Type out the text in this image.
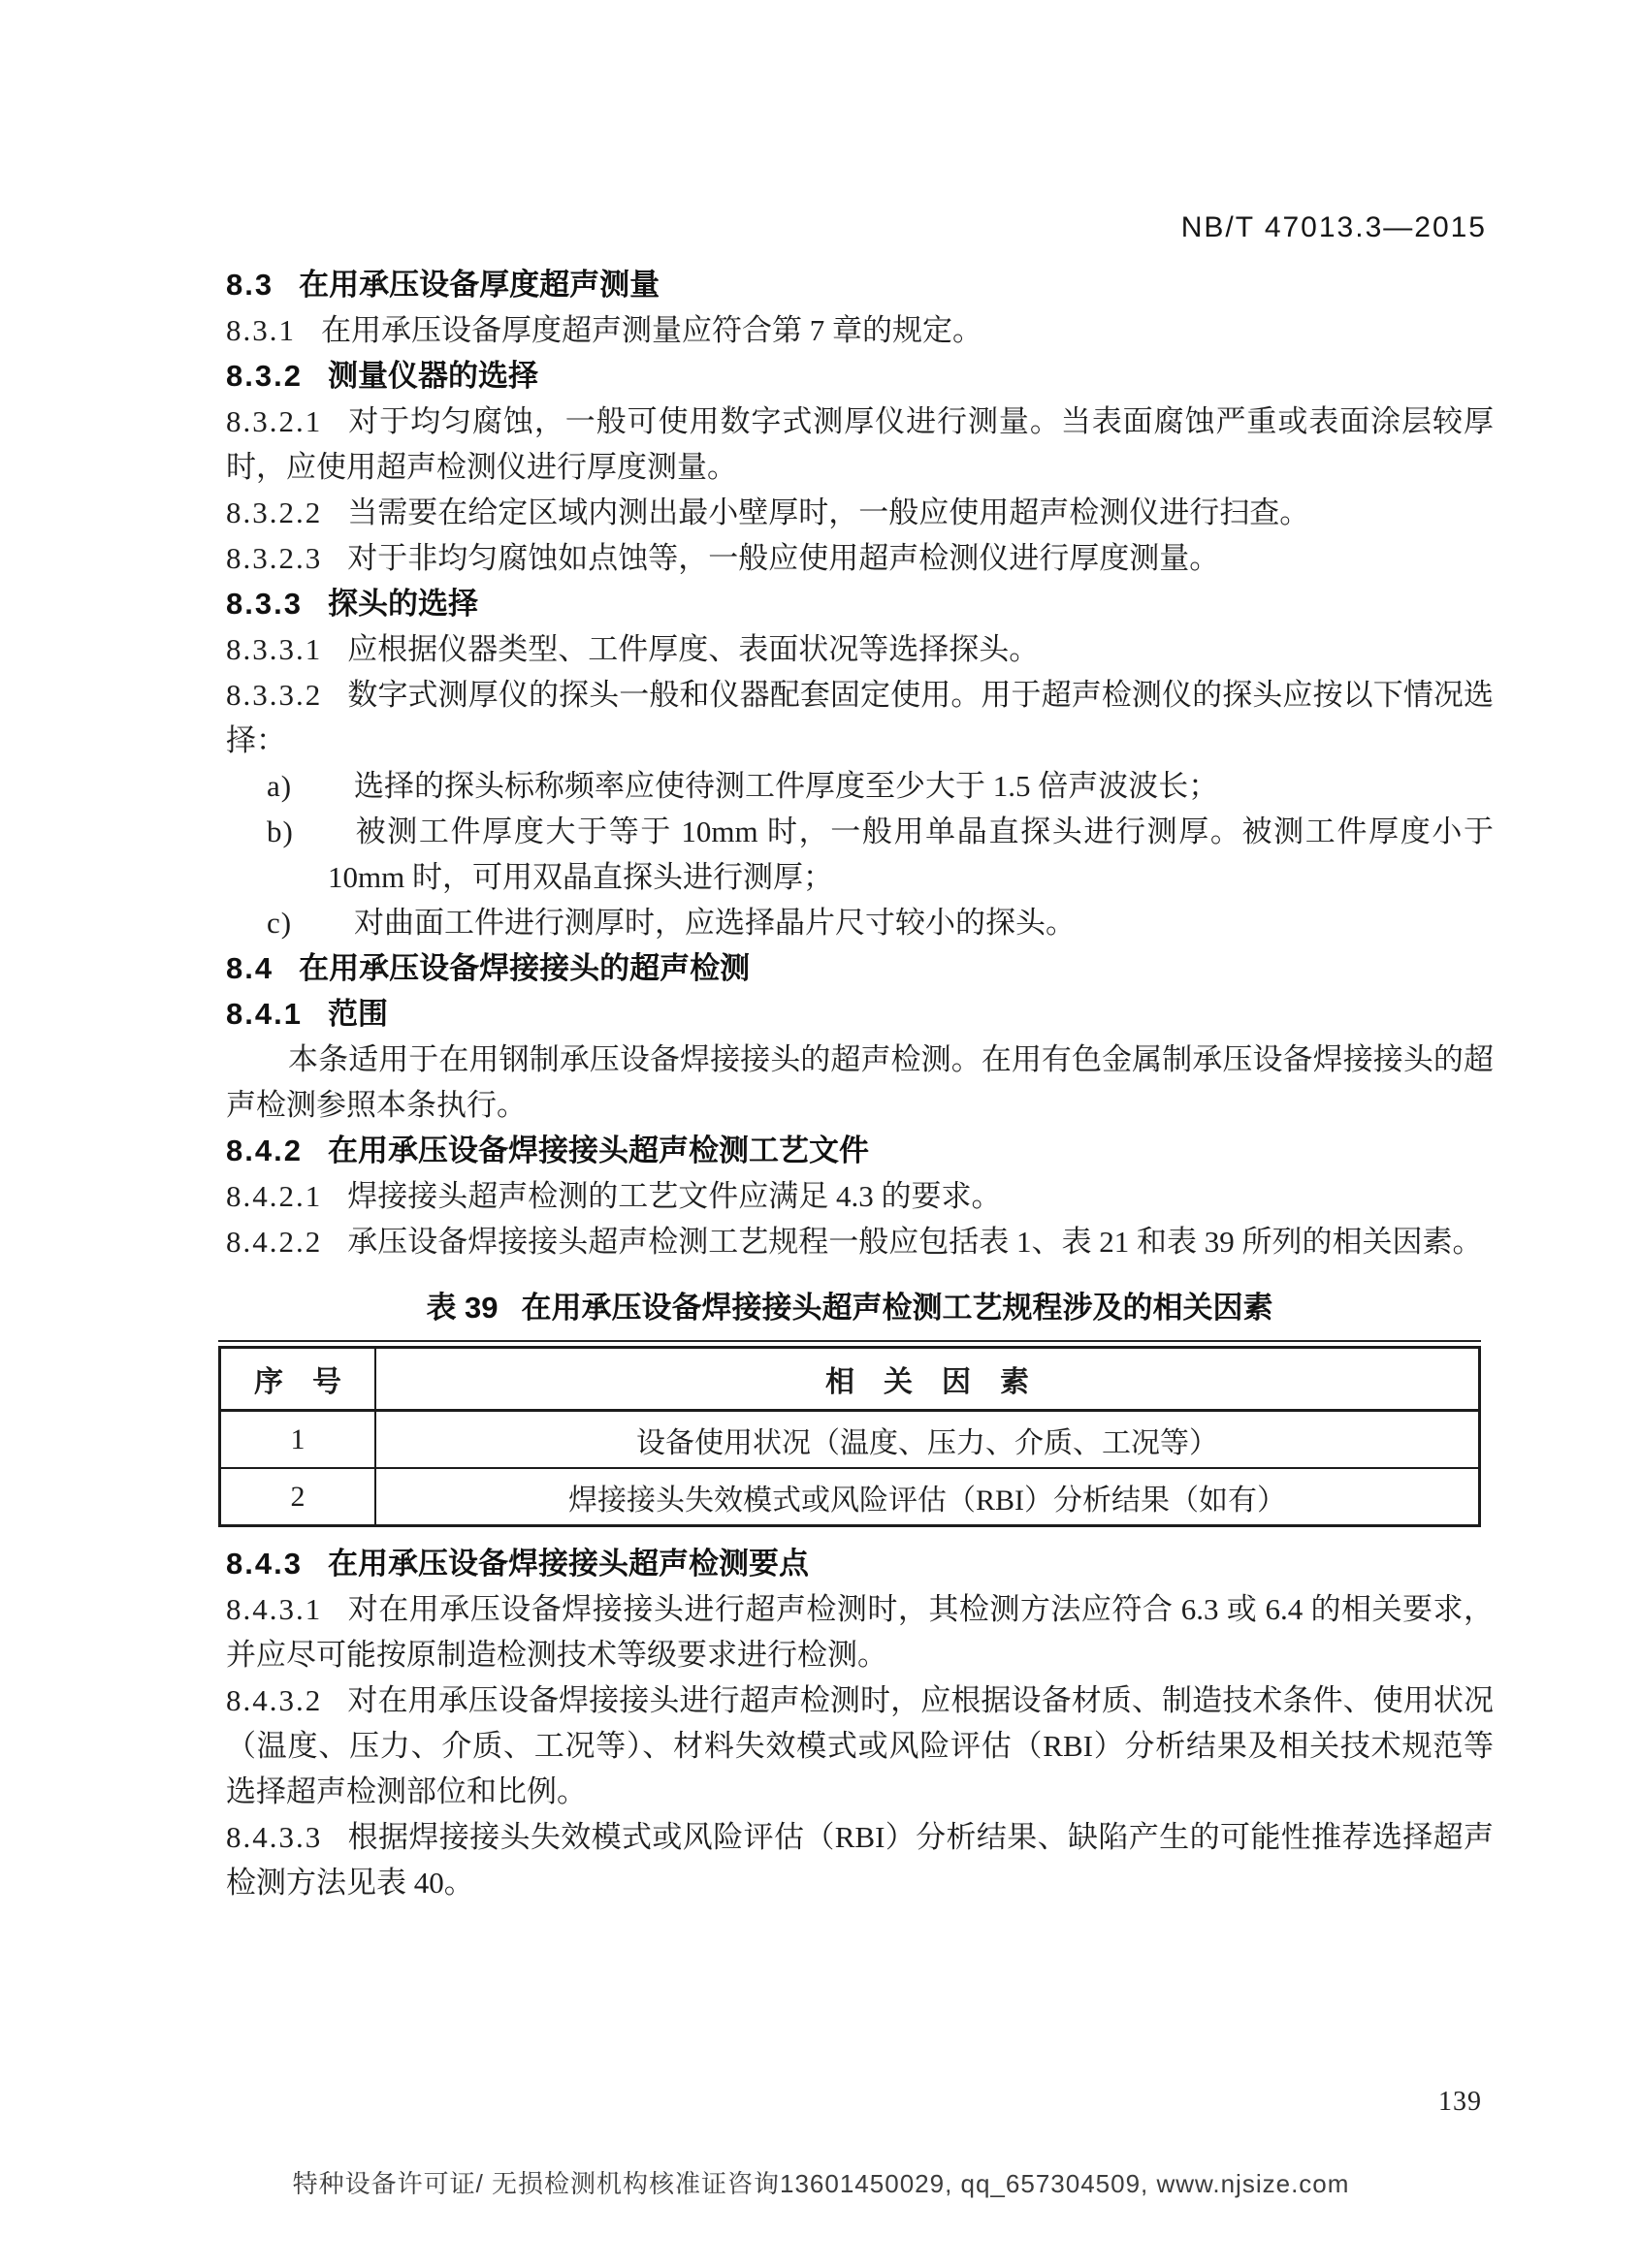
NB/T 47013.3—2015

8.3 在用承压设备厚度超声测量

8.3.1 在用承压设备厚度超声测量应符合第 7 章的规定。

8.3.2 测量仪器的选择

8.3.2.1 对于均匀腐蚀，一般可使用数字式测厚仪进行测量。当表面腐蚀严重或表面涂层较厚时，应使用超声检测仪进行厚度测量。

8.3.2.2 当需要在给定区域内测出最小壁厚时，一般应使用超声检测仪进行扫查。

8.3.2.3 对于非均匀腐蚀如点蚀等，一般应使用超声检测仪进行厚度测量。

8.3.3 探头的选择

8.3.3.1 应根据仪器类型、工件厚度、表面状况等选择探头。

8.3.3.2 数字式测厚仪的探头一般和仪器配套固定使用。用于超声检测仪的探头应按以下情况选择：

a) 选择的探头标称频率应使待测工件厚度至少大于 1.5 倍声波波长；

b) 被测工件厚度大于等于 10mm 时，一般用单晶直探头进行测厚。被测工件厚度小于 10mm 时，可用双晶直探头进行测厚；

c) 对曲面工件进行测厚时，应选择晶片尺寸较小的探头。

8.4 在用承压设备焊接接头的超声检测

8.4.1 范围

本条适用于在用钢制承压设备焊接接头的超声检测。在用有色金属制承压设备焊接接头的超声检测参照本条执行。

8.4.2 在用承压设备焊接接头超声检测工艺文件

8.4.2.1 焊接接头超声检测的工艺文件应满足 4.3 的要求。

8.4.2.2 承压设备焊接接头超声检测工艺规程一般应包括表 1、表 21 和表 39 所列的相关因素。

表 39 在用承压设备焊接接头超声检测工艺规程涉及的相关因素

序　号	相　关　因　素
1	设备使用状况（温度、压力、介质、工况等）
2	焊接接头失效模式或风险评估（RBI）分析结果（如有）

8.4.3 在用承压设备焊接接头超声检测要点

8.4.3.1 对在用承压设备焊接接头进行超声检测时，其检测方法应符合 6.3 或 6.4 的相关要求，并应尽可能按原制造检测技术等级要求进行检测。

8.4.3.2 对在用承压设备焊接接头进行超声检测时，应根据设备材质、制造技术条件、使用状况（温度、压力、介质、工况等）、材料失效模式或风险评估（RBI）分析结果及相关技术规范等选择超声检测部位和比例。

8.4.3.3 根据焊接接头失效模式或风险评估（RBI）分析结果、缺陷产生的可能性推荐选择超声检测方法见表 40。

139
特种设备许可证/ 无损检测机构核准证咨询13601450029, qq_657304509, www.njsize.com
